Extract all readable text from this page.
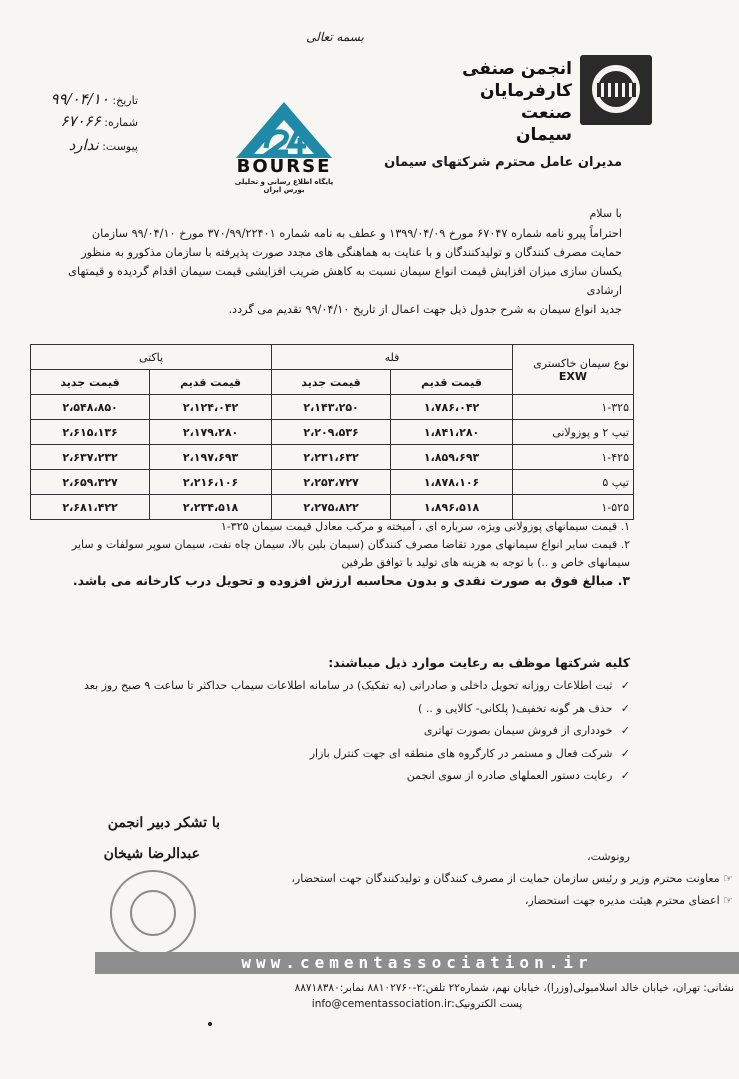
بسمه تعالی
انجمن صنفی
کارفرمایان
صنعت سیمان
BOURSE
پایگاه اطلاع رسانی و تحلیلی بورس ایران
تاریخ: ۹۹/۰۴/۱۰
شماره: ۶۷۰۶۶
پیوست: ندارد
مدیران عامل محترم شرکتهای سیمان
با سلام
احتراماً پیرو نامه شماره ۶۷۰۴۷ مورخ ۱۳۹۹/۰۴/۰۹ و عطف به نامه شماره ۳۷۰/۹۹/۲۲۴۰۱ مورخ ۹۹/۰۴/۱۰ سازمان
حمایت مصرف کنندگان و تولیدکنندگان و با عنایت به هماهنگی های مجدد صورت پذیرفته با سازمان مذکورو به منظور
یکسان سازی میزان افزایش قیمت انواع سیمان نسبت به کاهش ضریب افزایشی قیمت سیمان اقدام گردیده و قیمتهای ارشادی
جدید انواع سیمان به شرح جدول ذیل جهت اعمال از تاریخ ۹۹/۰۴/۱۰ تقدیم می گردد.
نوع سیمان خاکستری
EXW	فله		پاکتی	
	قیمت قدیم	قیمت جدید	قیمت قدیم	قیمت جدید
۱-۳۲۵	۱،۷۸۶،۰۴۲	۲،۱۴۳،۲۵۰	۲،۱۲۴،۰۴۲	۲،۵۴۸،۸۵۰
تیپ ۲ و پوزولانی	۱،۸۴۱،۲۸۰	۲،۲۰۹،۵۳۶	۲،۱۷۹،۲۸۰	۲،۶۱۵،۱۳۶
۱-۴۲۵	۱،۸۵۹،۶۹۳	۲،۲۳۱،۶۳۲	۲،۱۹۷،۶۹۳	۲،۶۳۷،۲۳۲
تیپ ۵	۱،۸۷۸،۱۰۶	۲،۲۵۳،۷۲۷	۲،۲۱۶،۱۰۶	۲،۶۵۹،۳۲۷
۱-۵۲۵	۱،۸۹۶،۵۱۸	۲،۲۷۵،۸۲۲	۲،۲۳۴،۵۱۸	۲،۶۸۱،۴۲۲
۱. قیمت سیمانهای پوزولانی ویژه، سرباره ای ، آمیخته و مرکب معادل قیمت سیمان ۳۲۵-۱
۲. قیمت سایر انواع سیمانهای مورد تقاضا مصرف کنندگان (سیمان بلین بالا، سیمان چاه نفت، سیمان سوپر سولفات و سایر
سیمانهای خاص و ..) با توجه به هزینه های تولید با توافق طرفین
۳. مبالغ فوق به صورت نقدی و بدون محاسبه ارزش افزوده و تحویل درب کارخانه می باشد.
کلیه شرکتها موظف به رعایت موارد ذیل میباشند:
✓ ثبت اطلاعات روزانه تحویل داخلی و صادراتی (به تفکیک) در سامانه اطلاعات سیماب حداکثر تا ساعت ۹ صبح روز بعد
✓ حذف هر گونه تخفیف( پلکانی- کالایی و .. )
✓ خودداری از فروش سیمان بصورت تهاتری
✓ شرکت فعال و مستمر در کارگروه های منطقه ای جهت کنترل بازار
✓ رعایت دستور العملهای صادره از سوی انجمن
با تشکر دبیر انجمن
عبدالرضا شیخان	رونوشت،
☞ معاونت محترم وزیر و رئیس سازمان حمایت از مصرف کنندگان و تولیدکنندگان جهت استحضار،
☞ اعضای محترم هیئت مدیره جهت استحضار،
www.cementassociation.ir
نشانی: تهران، خیابان خالد اسلامبولی(وزرا)، خیابان نهم، شماره۲۲ تلفن:۲-۸۸۱۰۲۷۶۰ نمابر:۸۸۷۱۸۳۸۰
پست الکترونیک:info@cementassociation.ir
